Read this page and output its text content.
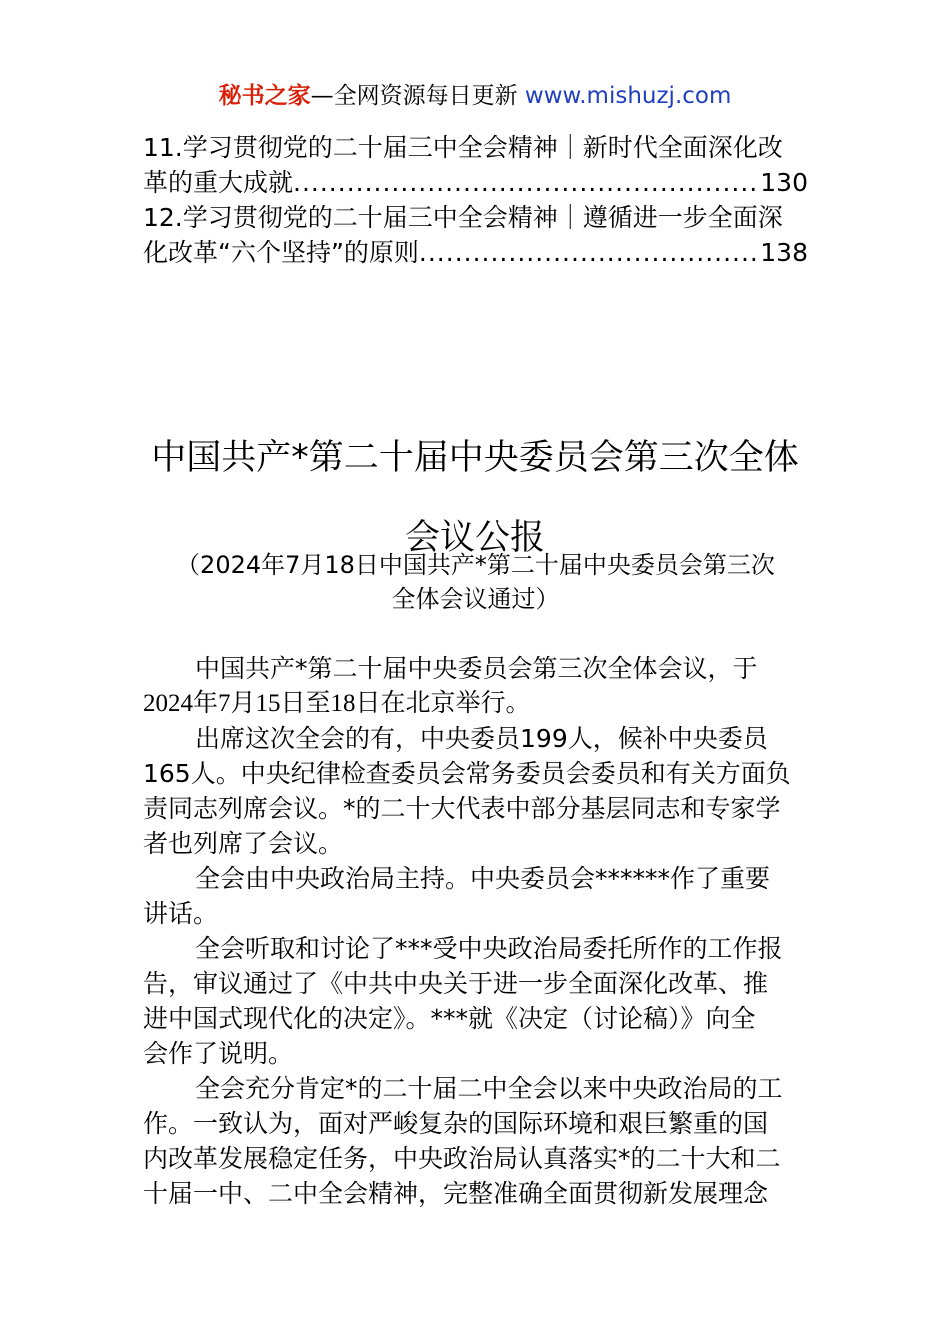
秘书之家—全网资源每日更新 www.mishuzj.com
11.学习贯彻党的二十届三中全会精神｜新时代全面深化改
革的重大成就 .....	130
12.学习贯彻党的二十届三中全会精神｜遵循进一步全面深
化改革“六个坚持”的原则 .....	138
中国共产*第二十届中央委员会第三次全体
会议公报
（2024年7月18日中国共产*第二十届中央委员会第三次
全体会议通过）
中国共产*第二十届中央委员会第三次全体会议，于
2024年7月15日至18日在北京举行。
出席这次全会的有，中央委员199人，候补中央委员
165人。中央纪律检查委员会常务委员会委员和有关方面负
责同志列席会议。*的二十大代表中部分基层同志和专家学
者也列席了会议。
全会由中央政治局主持。中央委员会******作了重要
讲话。
全会听取和讨论了***受中央政治局委托所作的工作报
告，审议通过了《中共中央关于进一步全面深化改革、推
进中国式现代化的决定》。***就《决定（讨论稿）》向全
会作了说明。
全会充分肯定*的二十届二中全会以来中央政治局的工
作。一致认为，面对严峻复杂的国际环境和艰巨繁重的国
内改革发展稳定任务，中央政治局认真落实*的二十大和二
十届一中、二中全会精神，完整准确全面贯彻新发展理念
